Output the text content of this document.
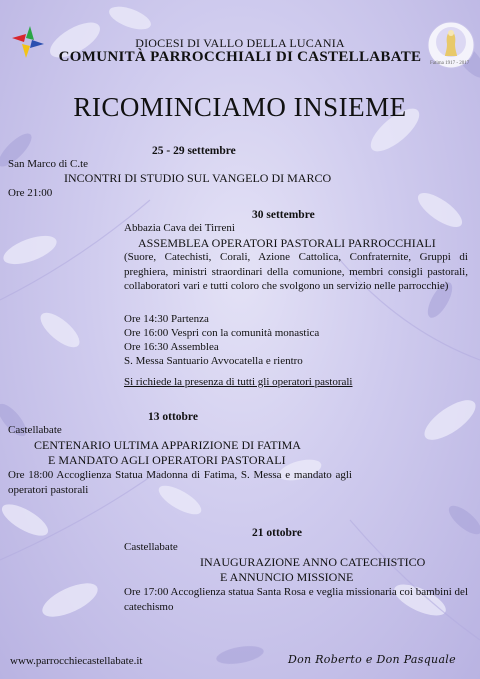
Fatima 1917 - 2017
DIOCESI DI VALLO DELLA LUCANIA
COMUNITÀ PARROCCHIALI DI CASTELLABATE
RICOMINCIAMO INSIEME
25 - 29 settembre
San Marco di C.te
INCONTRI DI STUDIO SUL VANGELO DI MARCO
Ore 21:00
30 settembre
Abbazia Cava dei Tirreni
ASSEMBLEA OPERATORI PASTORALI PARROCCHIALI
(Suore, Catechisti, Corali, Azione Cattolica, Confraternite, Gruppi di preghiera, ministri straordinari della comunione, membri consigli pastorali, collaboratori vari e tutti coloro che svolgono un servizio nelle parrocchie)
Ore 14:30 Partenza
Ore 16:00 Vespri con la comunità monastica
Ore 16:30 Assemblea
S. Messa Santuario Avvocatella e rientro
Si richiede la presenza di tutti gli operatori pastorali
13 ottobre
Castellabate
CENTENARIO ULTIMA APPARIZIONE DI FATIMA
E MANDATO AGLI OPERATORI PASTORALI
Ore 18:00 Accoglienza Statua Madonna di Fatima, S. Messa e mandato agli operatori pastorali
21 ottobre
Castellabate
INAUGURAZIONE ANNO CATECHISTICO
E ANNUNCIO MISSIONE
Ore 17:00 Accoglienza statua Santa Rosa e veglia missionaria coi bambini del catechismo
www.parrocchiecastellabate.it	Don Roberto e Don Pasquale
